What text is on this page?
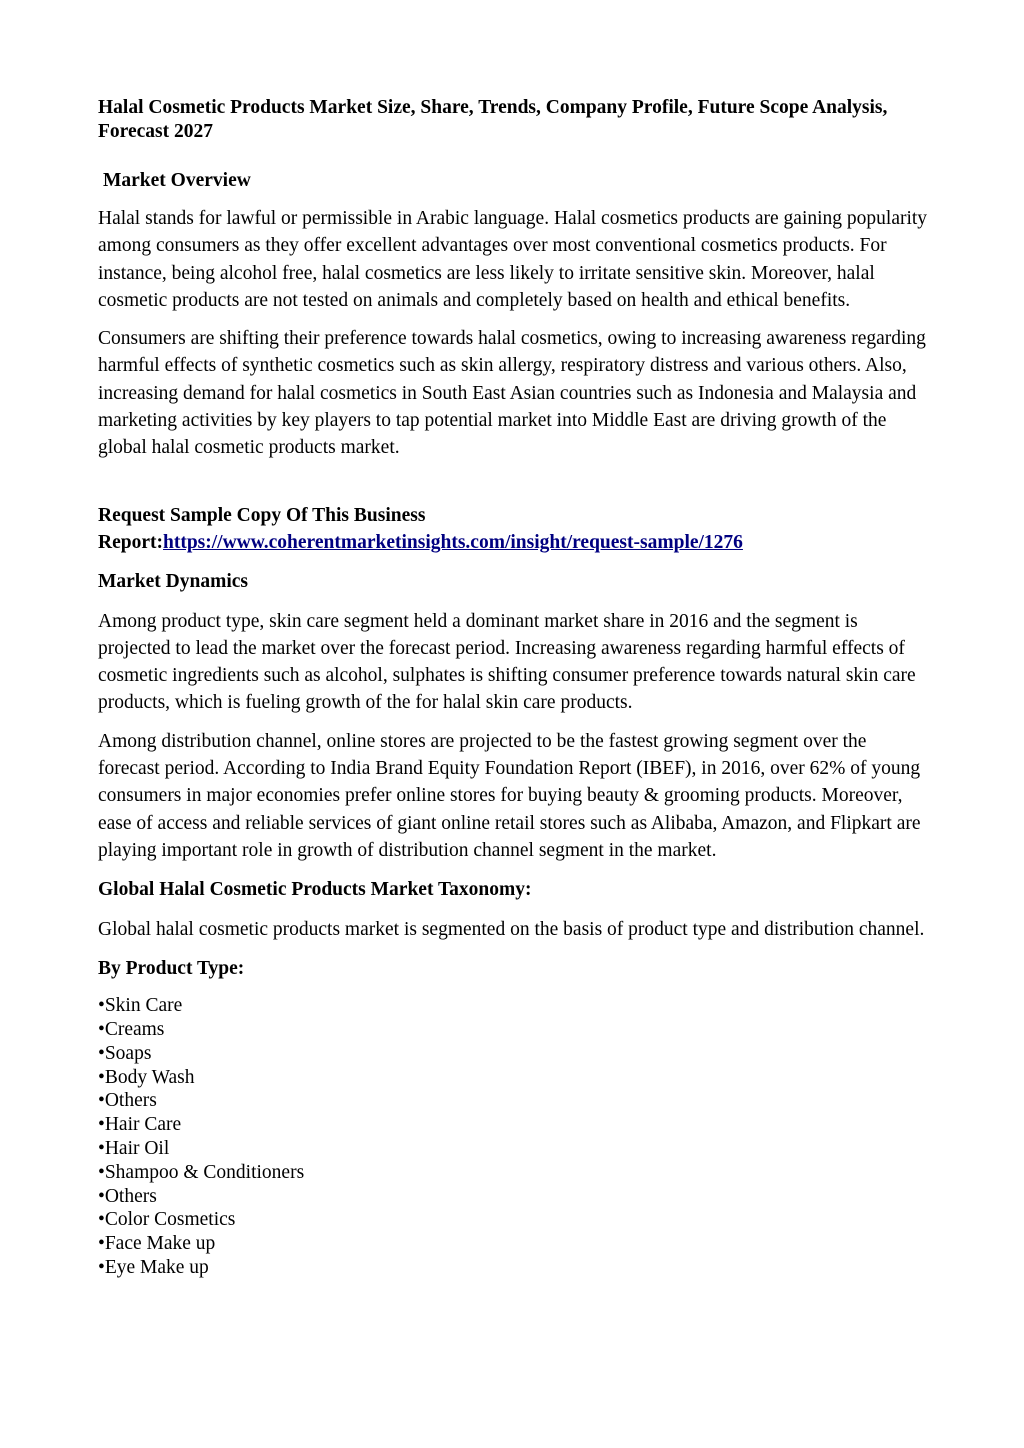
Halal Cosmetic Products Market Size, Share, Trends, Company Profile, Future Scope Analysis, Forecast 2027
Market Overview

Halal stands for lawful or permissible in Arabic language. Halal cosmetics products are gaining popularity among consumers as they offer excellent advantages over most conventional cosmetics products. For instance, being alcohol free, halal cosmetics are less likely to irritate sensitive skin. Moreover, halal cosmetic products are not tested on animals and completely based on health and ethical benefits.

Consumers are shifting their preference towards halal cosmetics, owing to increasing awareness regarding harmful effects of synthetic cosmetics such as skin allergy, respiratory distress and various others. Also, increasing demand for halal cosmetics in South East Asian countries such as Indonesia and Malaysia and marketing activities by key players to tap potential market into Middle East are driving growth of the global halal cosmetic products market.

Request Sample Copy Of This Business
Report:https://www.coherentmarketinsights.com/insight/request-sample/1276
Market Dynamics

Among product type, skin care segment held a dominant market share in 2016 and the segment is projected to lead the market over the forecast period. Increasing awareness regarding harmful effects of cosmetic ingredients such as alcohol, sulphates is shifting consumer preference towards natural skin care products, which is fueling growth of the for halal skin care products.

Among distribution channel, online stores are projected to be the fastest growing segment over the forecast period. According to India Brand Equity Foundation Report (IBEF), in 2016, over 62% of young consumers in major economies prefer online stores for buying beauty & grooming products. Moreover, ease of access and reliable services of giant online retail stores such as Alibaba, Amazon, and Flipkart are playing important role in growth of distribution channel segment in the market.

Global Halal Cosmetic Products Market Taxonomy:

Global halal cosmetic products market is segmented on the basis of product type and distribution channel.

By Product Type:
•Skin Care
•Creams
•Soaps
•Body Wash
•Others
•Hair Care
•Hair Oil
•Shampoo & Conditioners
•Others
•Color Cosmetics
•Face Make up
•Eye Make up
